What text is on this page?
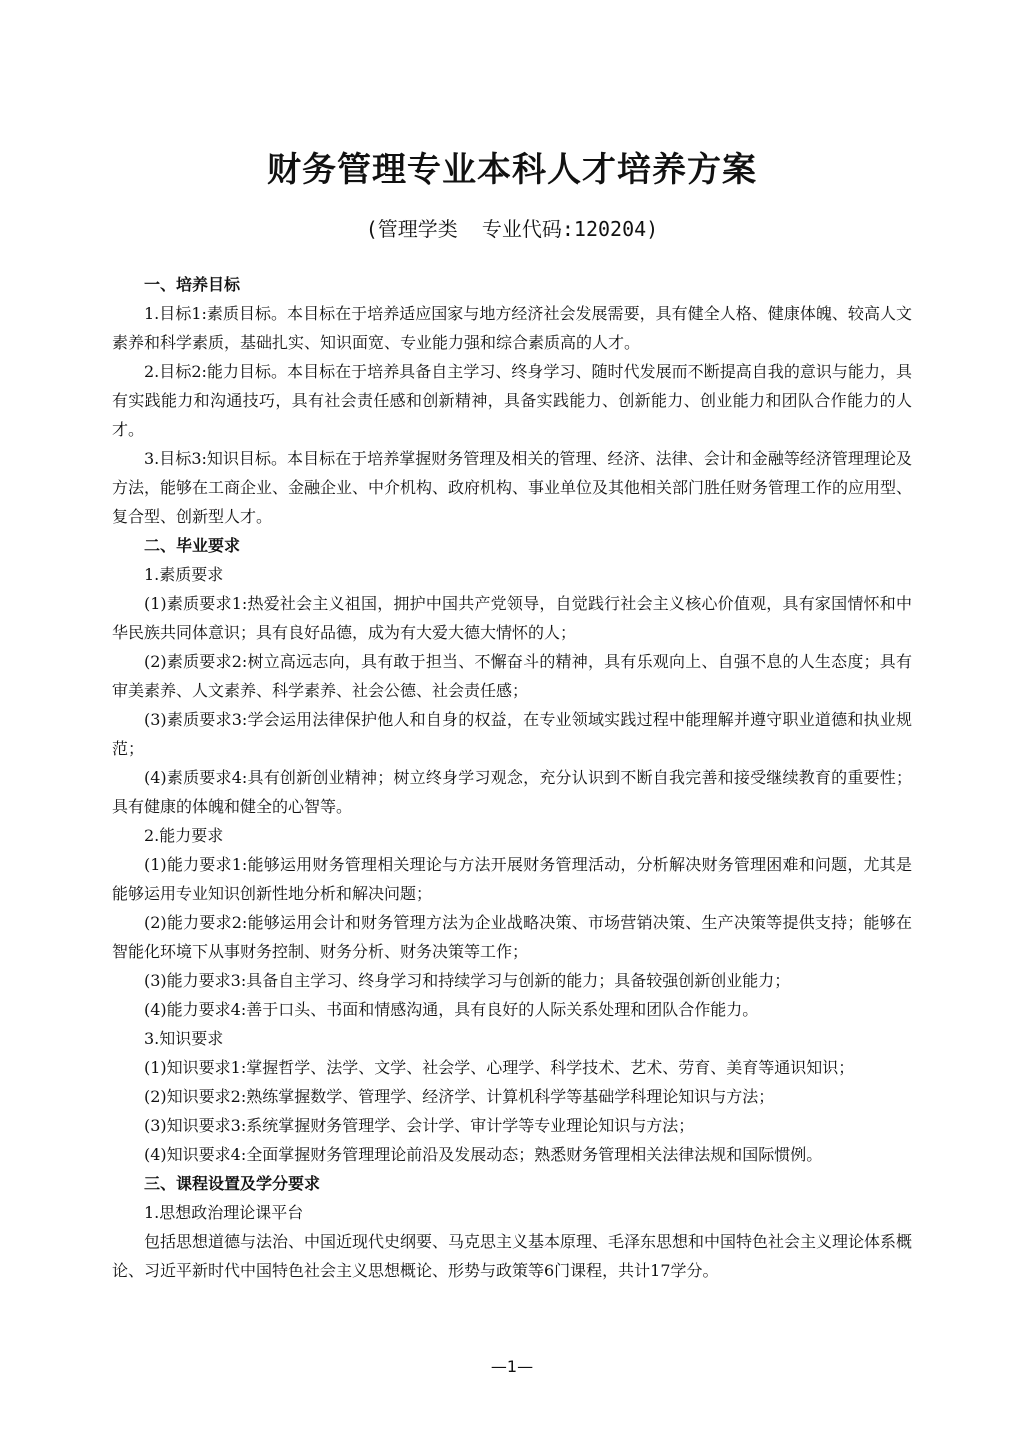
财务管理专业本科人才培养方案
(管理学类  专业代码:120204)

一、培养目标

1.目标1:素质目标。本目标在于培养适应国家与地方经济社会发展需要，具有健全人格、健康体魄、较高人文素养和科学素质，基础扎实、知识面宽、专业能力强和综合素质高的人才。

2.目标2:能力目标。本目标在于培养具备自主学习、终身学习、随时代发展而不断提高自我的意识与能力，具有实践能力和沟通技巧，具有社会责任感和创新精神，具备实践能力、创新能力、创业能力和团队合作能力的人才。

3.目标3:知识目标。本目标在于培养掌握财务管理及相关的管理、经济、法律、会计和金融等经济管理理论及方法，能够在工商企业、金融企业、中介机构、政府机构、事业单位及其他相关部门胜任财务管理工作的应用型、复合型、创新型人才。

二、毕业要求

1.素质要求

(1)素质要求1:热爱社会主义祖国，拥护中国共产党领导，自觉践行社会主义核心价值观，具有家国情怀和中华民族共同体意识；具有良好品德，成为有大爱大德大情怀的人；

(2)素质要求2:树立高远志向，具有敢于担当、不懈奋斗的精神，具有乐观向上、自强不息的人生态度；具有审美素养、人文素养、科学素养、社会公德、社会责任感；

(3)素质要求3:学会运用法律保护他人和自身的权益，在专业领域实践过程中能理解并遵守职业道德和执业规范；

(4)素质要求4:具有创新创业精神；树立终身学习观念，充分认识到不断自我完善和接受继续教育的重要性；具有健康的体魄和健全的心智等。

2.能力要求

(1)能力要求1:能够运用财务管理相关理论与方法开展财务管理活动，分析解决财务管理困难和问题，尤其是能够运用专业知识创新性地分析和解决问题；

(2)能力要求2:能够运用会计和财务管理方法为企业战略决策、市场营销决策、生产决策等提供支持；能够在智能化环境下从事财务控制、财务分析、财务决策等工作；

(3)能力要求3:具备自主学习、终身学习和持续学习与创新的能力；具备较强创新创业能力；

(4)能力要求4:善于口头、书面和情感沟通，具有良好的人际关系处理和团队合作能力。

3.知识要求

(1)知识要求1:掌握哲学、法学、文学、社会学、心理学、科学技术、艺术、劳育、美育等通识知识；

(2)知识要求2:熟练掌握数学、管理学、经济学、计算机科学等基础学科理论知识与方法；

(3)知识要求3:系统掌握财务管理学、会计学、审计学等专业理论知识与方法；

(4)知识要求4:全面掌握财务管理理论前沿及发展动态；熟悉财务管理相关法律法规和国际惯例。

三、课程设置及学分要求

1.思想政治理论课平台

包括思想道德与法治、中国近现代史纲要、马克思主义基本原理、毛泽东思想和中国特色社会主义理论体系概论、习近平新时代中国特色社会主义思想概论、形势与政策等6门课程，共计17学分。

—1—
